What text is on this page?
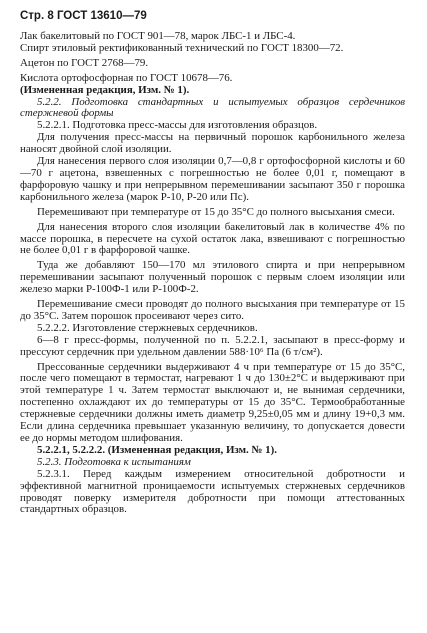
Стр. 8 ГОСТ 13610—79

Лак бакелитовый по ГОСТ 901—78, марок ЛБС-1 и ЛБС-4.

Спирт этиловый ректификованный технический по ГОСТ 18300—72.

Ацетон по ГОСТ 2768—79.

Кислота ортофосфорная по ГОСТ 10678—76.

(Измененная редакция, Изм. № 1).

5.2.2. Подготовка стандартных и испытуемых образцов сердечников стержневой формы

5.2.2.1. Подготовка пресс-массы для изготовления образцов.

Для получения пресс-массы на первичный порошок карбонильного железа наносят двойной слой изоляции.

Для нанесения первого слоя изоляции 0,7—0,8 г ортофосфорной кислоты и 60—70 г ацетона, взвешенных с погрешностью не более 0,01 г, помещают в фарфоровую чашку и при непрерывном перемешивании засыпают 350 г порошка карбонильного железа (марок Р-10, Р-20 или Пс).

Перемешивают при температуре от 15 до 35°С до полного высыхания смеси.

Для нанесения второго слоя изоляции бакелитовый лак в количестве 4% по массе порошка, в пересчете на сухой остаток лака, взвешивают с погрешностью не более 0,01 г в фарфоровой чашке.

Туда же добавляют 150—170 мл этилового спирта и при непрерывном перемешивании засыпают полученный порошок с первым слоем изоляции или железо марки Р-100Ф-1 или Р-100Ф-2.

Перемешивание смеси проводят до полного высыхания при температуре от 15 до 35°С. Затем порошок просеивают через сито.

5.2.2.2. Изготовление стержневых сердечников.

6—8 г пресс-формы, полученной по п. 5.2.2.1, засыпают в пресс-форму и прессуют сердечник при удельном давлении 588·10⁶ Па (6 т/см²).

Прессованные сердечники выдерживают 4 ч при температуре от 15 до 35°С, после чего помещают в термостат, нагревают 1 ч до 130±2°С и выдерживают при этой температуре 1 ч. Затем термостат выключают и, не вынимая сердечники, постепенно охлаждают их до температуры от 15 до 35°С. Термообработанные стержневые сердечники должны иметь диаметр 9,25±0,05 мм и длину 19+0,3 мм. Если длина сердечника превышает указанную величину, то допускается довести ее до нормы методом шлифования.

5.2.2.1, 5.2.2.2. (Измененная редакция, Изм. № 1).

5.2.3. Подготовка к испытаниям

5.2.3.1. Перед каждым измерением относительной добротности и эффективной магнитной проницаемости испытуемых стержневых сердечников проводят поверку измерителя добротности при помощи аттестованных стандартных образцов.
